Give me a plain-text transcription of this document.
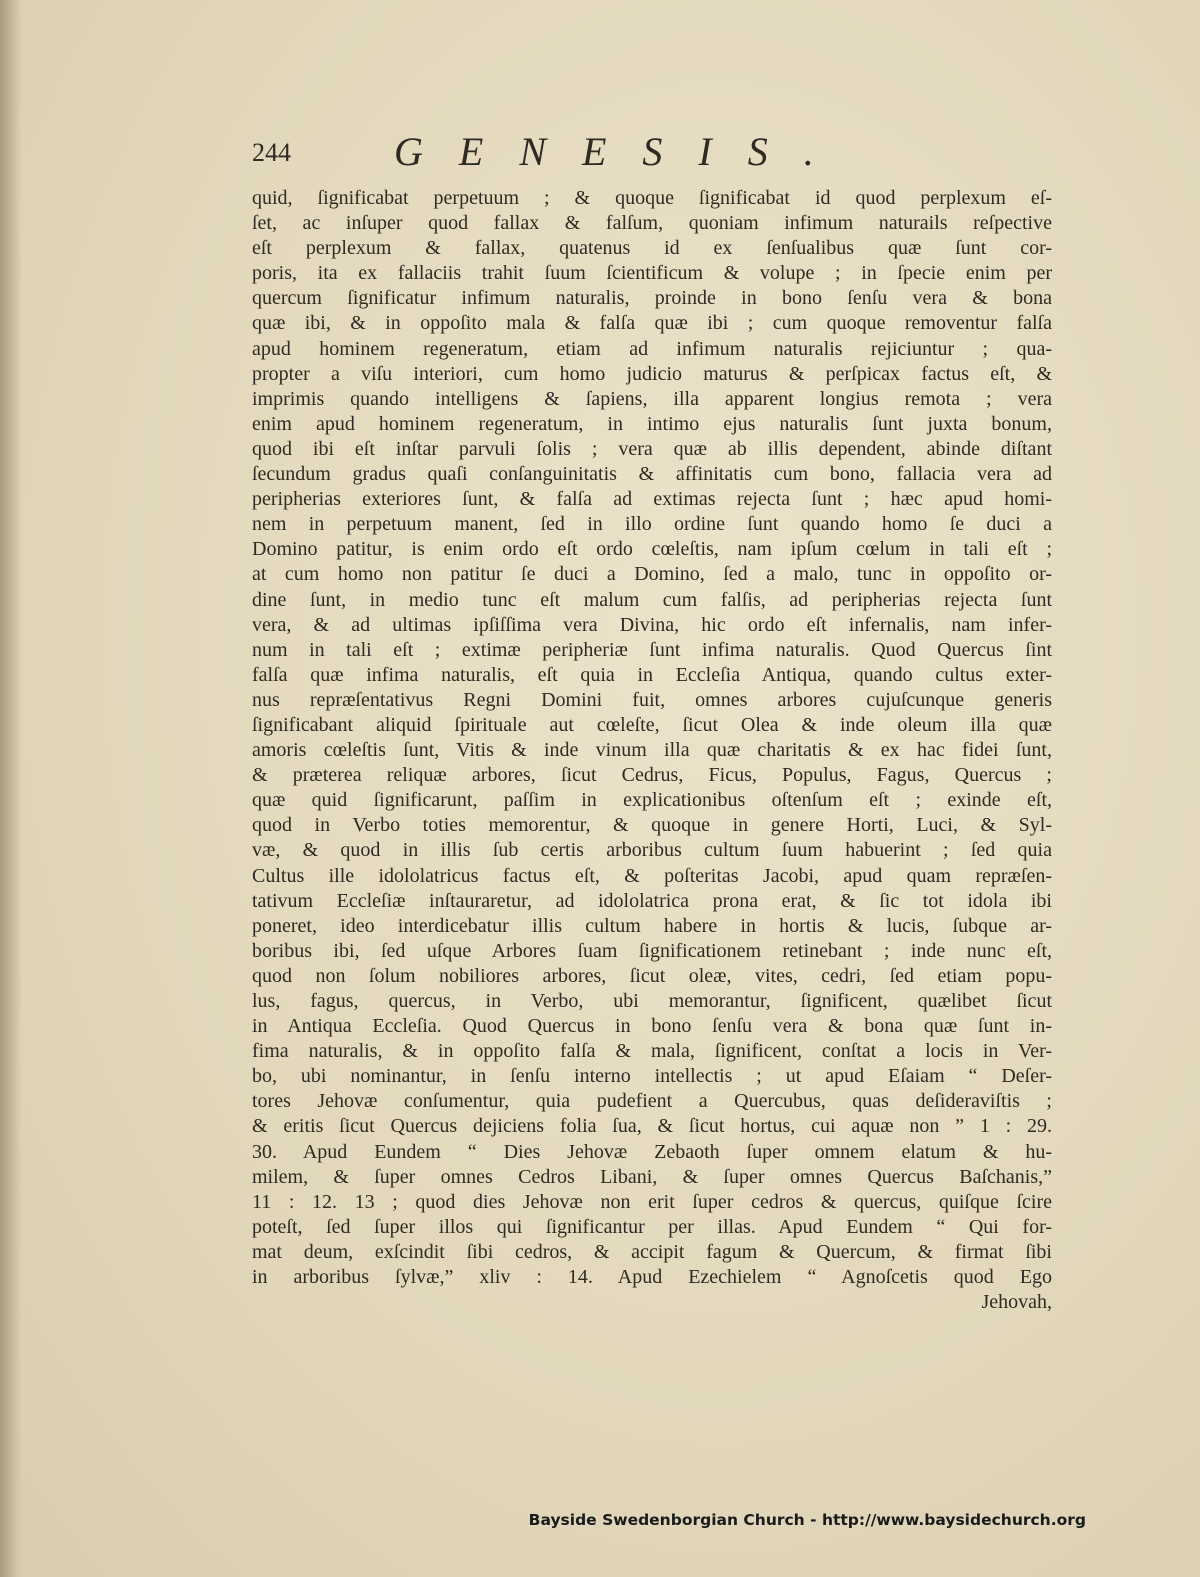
244	GENESIS.
quid, ſignificabat perpetuum ; & quoque ſignificabat id quod perplexum eſ-
ſet, ac inſuper quod fallax & falſum, quoniam infimum naturails reſpective
eſt perplexum & fallax, quatenus id ex ſenſualibus quæ ſunt cor-
poris, ita ex fallaciis trahit ſuum ſcientificum & volupe ; in ſpecie enim per
quercum ſignificatur infimum naturalis, proinde in bono ſenſu vera & bona
quæ ibi, & in oppoſito mala & falſa quæ ibi ; cum quoque removentur falſa
apud hominem regeneratum, etiam ad infimum naturalis rejiciuntur ; qua-
propter a viſu interiori, cum homo judicio maturus & perſpicax factus eſt, &
imprimis quando intelligens & ſapiens, illa apparent longius remota ; vera
enim apud hominem regeneratum, in intimo ejus naturalis ſunt juxta bonum,
quod ibi eſt inſtar parvuli ſolis ; vera quæ ab illis dependent, abinde diſtant
ſecundum gradus quaſi conſanguinitatis & affinitatis cum bono, fallacia vera ad
peripherias exteriores ſunt, & falſa ad extimas rejecta ſunt ; hæc apud homi-
nem in perpetuum manent, ſed in illo ordine ſunt quando homo ſe duci a
Domino patitur, is enim ordo eſt ordo cœleſtis, nam ipſum cœlum in tali eſt ;
at cum homo non patitur ſe duci a Domino, ſed a malo, tunc in oppoſito or-
dine ſunt, in medio tunc eſt malum cum falſis, ad peripherias rejecta ſunt
vera, & ad ultimas ipſiſſima vera Divina, hic ordo eſt infernalis, nam infer-
num in tali eſt ; extimæ peripheriæ ſunt infima naturalis. Quod Quercus ſint
falſa quæ infima naturalis, eſt quia in Eccleſia Antiqua, quando cultus exter-
nus repræſentativus Regni Domini fuit, omnes arbores cujuſcunque generis
ſignificabant aliquid ſpirituale aut cœleſte, ſicut Olea & inde oleum illa quæ
amoris cœleſtis ſunt, Vitis & inde vinum illa quæ charitatis & ex hac fidei ſunt,
& præterea reliquæ arbores, ſicut Cedrus, Ficus, Populus, Fagus, Quercus ;
quæ quid ſignificarunt, paſſim in explicationibus oſtenſum eſt ; exinde eſt,
quod in Verbo toties memorentur, & quoque in genere Horti, Luci, & Syl-
væ, & quod in illis ſub certis arboribus cultum ſuum habuerint ; ſed quia
Cultus ille idololatricus factus eſt, & poſteritas Jacobi, apud quam repræſen-
tativum Eccleſiæ inſtauraretur, ad idololatrica prona erat, & ſic tot idola ibi
poneret, ideo interdicebatur illis cultum habere in hortis & lucis, ſubque ar-
boribus ibi, ſed uſque Arbores ſuam ſignificationem retinebant ; inde nunc eſt,
quod non ſolum nobiliores arbores, ſicut oleæ, vites, cedri, ſed etiam popu-
lus, fagus, quercus, in Verbo, ubi memorantur, ſignificent, quælibet ſicut
in Antiqua Eccleſia. Quod Quercus in bono ſenſu vera & bona quæ ſunt in-
fima naturalis, & in oppoſito falſa & mala, ſignificent, conſtat a locis in Ver-
bo, ubi nominantur, in ſenſu interno intellectis ; ut apud Eſaiam “ Deſer-
tores Jehovæ conſumentur, quia pudefient a Quercubus, quas deſideraviſtis ;
& eritis ſicut Quercus dejiciens folia ſua, & ſicut hortus, cui aquæ non ” 1 : 29.
30. Apud Eundem “ Dies Jehovæ Zebaoth ſuper omnem elatum & hu-
milem, & ſuper omnes Cedros Libani, & ſuper omnes Quercus Baſchanis,”
11 : 12. 13 ; quod dies Jehovæ non erit ſuper cedros & quercus, quiſque ſcire
poteſt, ſed ſuper illos qui ſignificantur per illas. Apud Eundem “ Qui for-
mat deum, exſcindit ſibi cedros, & accipit fagum & Quercum, & firmat ſibi
in arboribus ſylvæ,” xliv : 14. Apud Ezechielem “ Agnoſcetis quod Ego
Jehovah,
Bayside Swedenborgian Church - http://www.baysidechurch.org
